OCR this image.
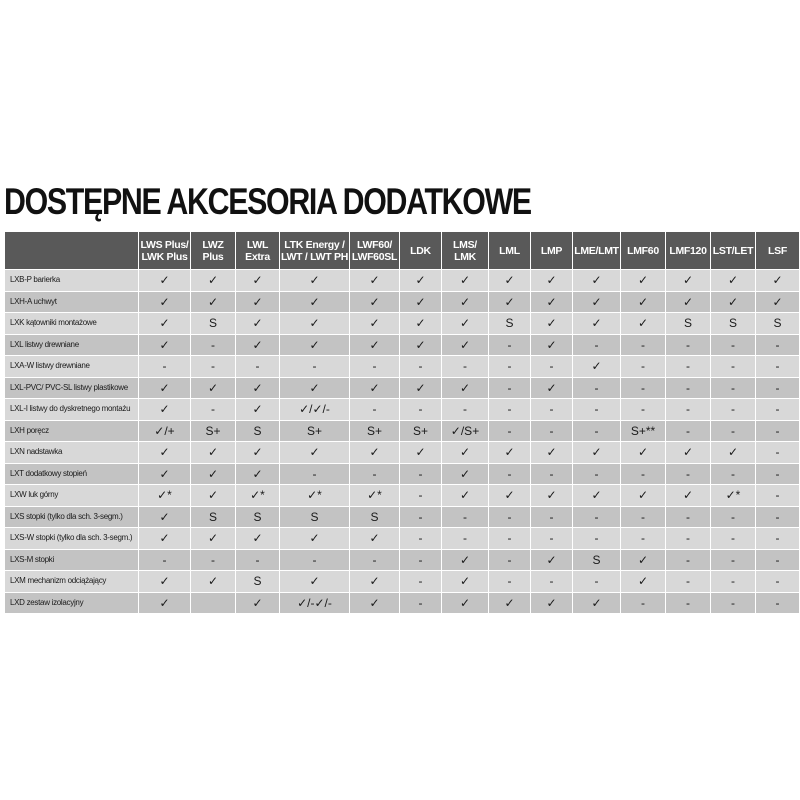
DOSTĘPNE AKCESORIA DODATKOWE
	LWS Plus/
LWK Plus	LWZ Plus	LWL
Extra	LTK Energy /
LWT / LWT PH	LWF60/
LWF60SL	LDK	LMS/
LMK	LML	LMP	LME/LMT	LMF60	LMF120	LST/LET	LSF
LXB-P barierka	✓	✓	✓	✓	✓	✓	✓	✓	✓	✓	✓	✓	✓	✓
LXH-A uchwyt	✓	✓	✓	✓	✓	✓	✓	✓	✓	✓	✓	✓	✓	✓
LXK kątowniki montażowe	✓	S	✓	✓	✓	✓	✓	S	✓	✓	✓	S	S	S
LXL listwy drewniane	✓	-	✓	✓	✓	✓	✓	-	✓	-	-	-	-	-
LXA-W listwy drewniane	-	-	-	-	-	-	-	-	-	✓	-	-	-	-
LXL-PVC/ PVC-SL listwy plastikowe	✓	✓	✓	✓	✓	✓	✓	-	✓	-	-	-	-	-
LXL-I listwy do dyskretnego montażu	✓	-	✓	✓/✓/-	-	-	-	-	-	-	-	-	-	-
LXH poręcz	✓/+	S+	S	S+	S+	S+	✓/S+	-	-	-	S+**	-	-	-
LXN nadstawka	✓	✓	✓	✓	✓	✓	✓	✓	✓	✓	✓	✓	✓	-
LXT dodatkowy stopień	✓	✓	✓	-	-	-	✓	-	-	-	-	-	-	-
LXW luk górny	✓*	✓	✓*	✓*	✓*	-	✓	✓	✓	✓	✓	✓	✓*	-
LXS stopki (tylko dla sch. 3-segm.)	✓	S	S	S	S	-	-	-	-	-	-	-	-	-
LXS-W stopki (tylko dla sch. 3-segm.)	✓	✓	✓	✓	✓	-	-	-	-	-	-	-	-	-
LXS-M stopki	-	-	-	-	-	-	✓	-	✓	S	✓	-	-	-
LXM mechanizm odciążający	✓	✓	S	✓	✓	-	✓	-	-	-	✓	-	-	-
LXD zestaw izolacyjny	✓		✓	✓/-✓/-	✓	-	✓	✓	✓	✓	-	-	-	-
